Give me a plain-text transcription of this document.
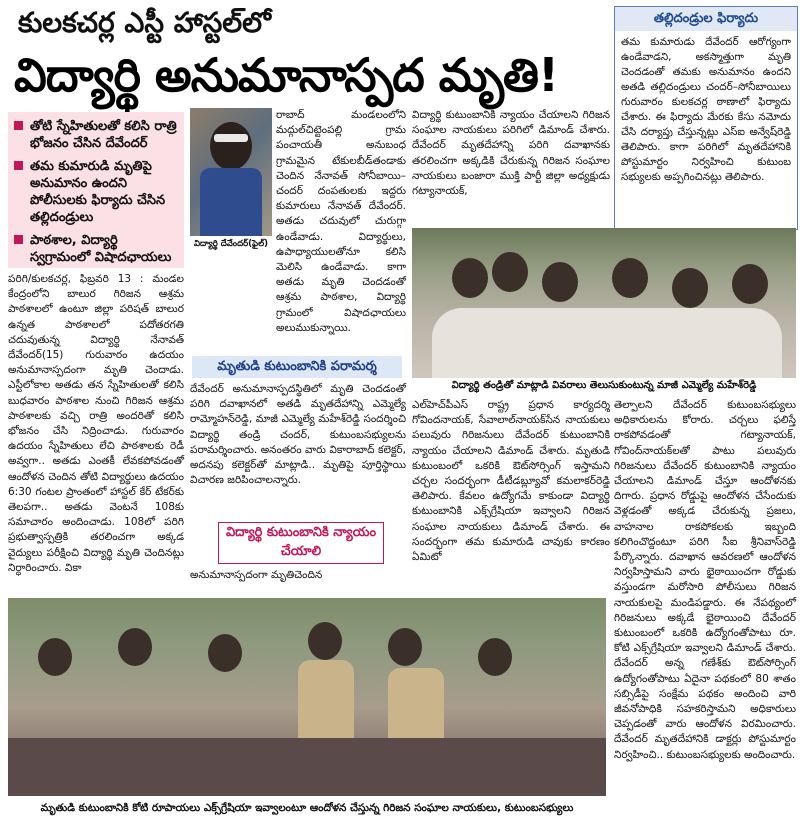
కులకచర్ల ఎస్టీ హాస్టల్‌లో
విద్యార్థి అనుమానాస్పద మృతి!
తల్లిదండ్రుల ఫిర్యాదు
తమ కుమారుడు దేవేందర్ ఆరోగ్యంగా ఉండేవాడని, అకస్మాత్తుగా మృతి చెందడంతో తమకు అనుమానం ఉందని అతడి తల్లిదండ్రులు చందర్–సోనీబాయిలు గురువారం కులకచర్ల ఠాణాలో ఫిర్యాదు చేశారు. ఈ ఫిర్యాదు మేరకు కేసు నమోదు చేసి దర్యాప్తు చేస్తున్నట్లు ఎస్‌ఐ అన్వేష్‌రెడ్డి తెలిపారు. కాగా పరిగిలో మృతదేహానికి పోస్టుమార్టం నిర్వహించి కుటుంబ సభ్యులకు అప్పగించినట్లు తెలిపారు.
తోటి స్నేహితులతో కలిసి రాత్రి భోజనం చేసిన దేవేందర్
తమ కుమారుడి మృతిపై అనుమానం ఉందని పోలీసులకు ఫిర్యాదు చేసిన తల్లిదండ్రులు
పాఠశాల, విద్యార్థి స్వగ్రామంలో విషాదఛాయలు
పరిగి/కులకచర్ల, ఫిబ్రవరి 13 : మండల కేంద్రంలోని బాలుర గిరిజన ఆశ్రమ పాఠశాలలో ఉంటూ జిల్లా పరిషత్ బాలుర ఉన్నత పాఠశాలలో పదోతరగతి చదువుతున్న విద్యార్థి నేనావత్ దేవేందర్(15) గురువారం ఉదయం అనుమానాస్పదంగా మృతి చెందాడు. ఎస్టీలోకాల అతడు తన స్నేహితులతో కలిసి బుధవారం పాఠశాల నుంచి గిరిజన ఆశ్రమ పాఠశాలకు వచ్చి రాత్రి అందరితో కలిసి భోజనం చేసి నిద్రించాడు. గురువారం ఉదయం స్నేహితులు లేచి పాఠశాలకు రెడీ అవ్వగా.. అతడు ఎంతకీ లేవకపోవడంతో ఆందోళన చెందిన తోటి విద్యార్థులు ఉదయం 6:30 గంటల ప్రాంతంలో హాస్టల్ కేర్ టేకర్‌కు తెలపగా.. అతడు వెంటనే 108కు సమాచారం అందించాడు. 108లో పరిగి ప్రభుత్వాస్పత్రికి తరలించగా అక్కడ వైద్యులు పరీక్షించి విద్యార్థి మృతి చెందినట్లు నిర్ధారించారు. వికా
విద్యార్థి దేవేందర్(ఫైల్)
రాబాద్ మండలంలోని మద్గుల్‌చిట్టెంపల్లి గ్రామ పంచాయతీ అనుబంధ గ్రామమైన టేకులబీడ్‌తండాకు చెందిన నేనావత్ సోనీబాయి–చందర్ దంపతులకు ఇద్దరు కుమారులు నేనావత్ దేవేందర్. అతడు చదువులో చురుగ్గా ఉండేవాడు. విద్యార్థులు, ఉపాధ్యాయులతోనూ కలిసి మెలిసి ఉండేవాడు. కాగా అతడు మృతి చెందడంతో ఆశ్రమ పాఠశాల, విద్యార్థి గ్రామంలో విషాదఛాయలు అలుముకున్నాయి.
మృతుడి కుటుంబానికి పరామర్శ
దేవేందర్ అనుమానాస్పదస్థితిలో మృతి చెందడంతో పరిగి దవాఖానలో అతడి మృతదేహాన్ని ఎమ్మెల్యే రామ్మోహన్‌రెడ్డి, మాజీ ఎమ్మెల్యే మహేశ్‌రెడ్డి సందర్శించి విద్యార్థి తండ్రి చందర్, కుటుంబసభ్యులను పరామర్శించారు. అనంతరం వారు వికారాబాద్ కలెక్టర్, అదనపు కలెక్టర్‌తో మాట్లాడి.. మృతిపై పూర్తిస్థాయి విచారణ జరిపించాలన్నారు.
విద్యార్థి కుటుంబానికి న్యాయం చేయాలి
అనుమానాస్పదంగా మృతిచెందిన
విద్యార్థి కుటుంబానికి న్యాయం చేయాలని గిరిజన సంఘాల నాయకులు పరిగిలో డిమాండ్ చేశారు. దేవేందర్ మృతదేహాన్ని పరిగి దవాఖానకు తరలించగా అక్కడికి చేరుకున్న గిరిజన సంఘాల నాయకులు బంజారా ముక్తి పార్టీ జిల్లా అధ్యక్షుడు గట్యానాయక్,
విద్యార్థి తండ్రితో మాట్లాడి వివరాలు తెలుసుకుంటున్న మాజీ ఎమ్మెల్యే మహేశ్‌రెడ్డి
ఎల్‌హెచ్‌పీఎస్ రాష్ట్ర ప్రధాన కార్యదర్శి గోవిందనాయక్, సేవాలాల్‌నాయక్‌సేన నాయకులు పలువురు గిరిజనులు దేవేందర్ కుటుంబానికి న్యాయం చేయాలని డిమాండ్ చేశారు. మృతుడి కుటుంబంలో ఒకరికి ఔట్‌సోర్సింగ్ ఇస్తామని చర్చల సందర్భంగా డీటీడబ్ల్యూవో కమలాకర్‌రెడ్డి తెలిపారు. కేవలం ఉద్యోగమే కాకుండా విద్యార్థి కుటుంబానికి ఎక్స్‌గ్రేషియా ఇవ్వాలని గిరిజన సంఘాల నాయకులు డిమాండ్ చేశారు. ఈ సందర్భంగా తమ కుమారుడి చావుకు కారణం ఏమిటో
తెల్పాలని దేవేందర్ కుటుంబసభ్యులు అధికారులను కోరారు. చర్చలు ఫలిస్తే రాకపోవడంతో గట్యానాయక్, గోవింద్‌నాయక్‌లతో పాటు పలువురు గిరిజనులు దేవేందర్ కుటుంబానికి న్యాయం చేయాలని డిమాండ్ చేస్తూ ఆందోళనకు దిగారు. ప్రధాన రోడ్డుపై ఆందోళన చేసేందుకు వెళ్లడంతో అక్కడ చేరుకున్న ప్రజలు, వాహనాల రాకపోకలకు ఇబ్బంది కలిగించొద్దంటూ పరిగి సీఐ శ్రీనివాస్‌రెడ్డి పేర్కొన్నారు. దవాఖాన ఆవరణలో ఆందోళన నిర్వహిస్తామని వారు భైఠాయించగా రోడ్డుకు వస్తుండగా మరోసారి పోలీసులు గిరిజన నాయకులపై మండిపడ్డారు. ఈ నేపథ్యంలో గిరిజనులు అక్కడే భైఠాయించి దేవేందర్ కుటుంబంలో ఒకరికి ఉద్యోగంతోపాటు రూ. కోటి ఎక్స్‌గ్రేషియా ఇవ్వాలని డిమాండ్ చేశారు. దేవేందర్ అన్న గణేశ్‌కు ఔట్‌సోర్సింగ్ ఉద్యోగంతోపాటు ఏదైనా పథకంలో 80 శాతం సబ్సిడీపై సంక్షేమ పథకం అందించి వారి జీవనోపాధికి సహకరిస్తామని అధికారులు చెప్పడంతో వారు ఆందోళన విరమించారు. దేవేందర్ మృతదేహానికి డాక్టర్లు పోస్టుమార్టం నిర్వహించి.. కుటుంబసభ్యులకు అందించారు.
మృతుడి కుటుంబానికి కోటి రూపాయలు ఎక్స్‌గ్రేషియా ఇవ్వాలంటూ ఆందోళన చేస్తున్న గిరిజన సంఘాల నాయకులు, కుటుంబసభ్యులు
